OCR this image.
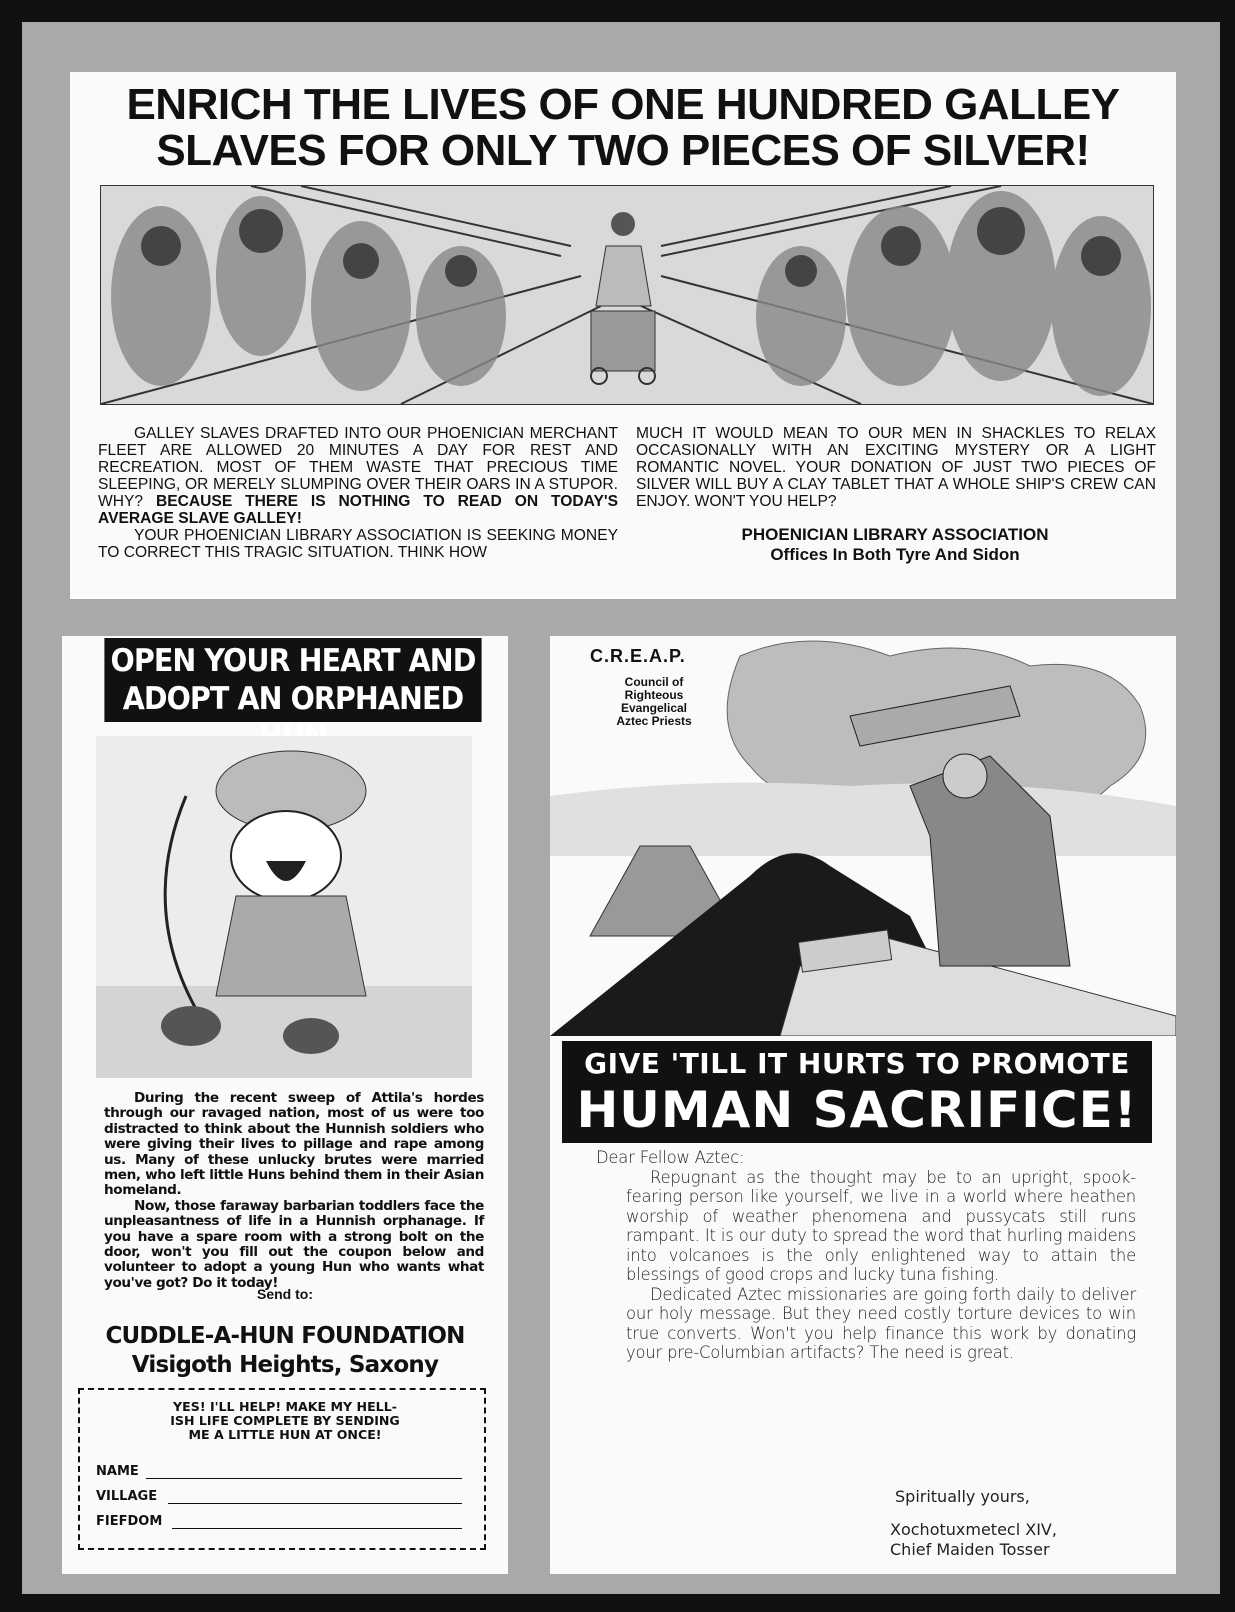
ENRICH THE LIVES OF ONE HUNDRED GALLEY
SLAVES FOR ONLY TWO PIECES OF SILVER!

GALLEY SLAVES DRAFTED INTO OUR PHOENICIAN MERCHANT FLEET ARE ALLOWED 20 MINUTES A DAY FOR REST AND RECREATION. MOST OF THEM WASTE THAT PRECIOUS TIME SLEEPING, OR MERELY SLUMPING OVER THEIR OARS IN A STUPOR. WHY? BECAUSE THERE IS NOTHING TO READ ON TODAY'S AVERAGE SLAVE GALLEY!

YOUR PHOENICIAN LIBRARY ASSOCIATION IS SEEKING MONEY TO CORRECT THIS TRAGIC SITUATION. THINK HOW

MUCH IT WOULD MEAN TO OUR MEN IN SHACKLES TO RELAX OCCASIONALLY WITH AN EXCITING MYSTERY OR A LIGHT ROMANTIC NOVEL. YOUR DONATION OF JUST TWO PIECES OF SILVER WILL BUY A CLAY TABLET THAT A WHOLE SHIP'S CREW CAN ENJOY. WON'T YOU HELP?

PHOENICIAN LIBRARY ASSOCIATION
Offices In Both Tyre And Sidon
OPEN YOUR HEART AND
ADOPT AN ORPHANED

During the recent sweep of Attila's hordes through our ravaged nation, most of us were too distracted to think about the Hunnish soldiers who were giving their lives to pillage and rape among us. Many of these unlucky brutes were married men, who left little Huns behind them in their Asian homeland.

Now, those faraway barbarian toddlers face the unpleasantness of life in a Hunnish orphanage. If you have a spare room with a strong bolt on the door, won't you fill out the coupon below and volunteer to adopt a young Hun who wants what you've got? Do it today!

Send to:
CUDDLE-A-HUN FOUNDATION
Visigoth Heights, Saxony
YES! I'LL HELP! MAKE MY HELL-
ISH LIFE COMPLETE BY SENDING
ME A LITTLE HUN AT ONCE!
NAME
VILLAGE
FIEFDOM
C.R.E.A.P.
Council of
Righteous
Evangelical
Aztec Priests
GIVE 'TILL IT HURTS TO PROMOTE
HUMAN SACRIFICE!

Dear Fellow Aztec:

Repugnant as the thought may be to an upright, spook-fearing person like yourself, we live in a world where heathen worship of weather phenomena and pussycats still runs rampant. It is our duty to spread the word that hurling maidens into volcanoes is the only enlightened way to attain the blessings of good crops and lucky tuna fishing.

Dedicated Aztec missionaries are going forth daily to deliver our holy message. But they need costly torture devices to win true converts. Won't you help finance this work by donating your pre-Columbian artifacts? The need is great.

Spiritually yours,
Xochotuxmetecl XIV,
Chief Maiden Tosser
